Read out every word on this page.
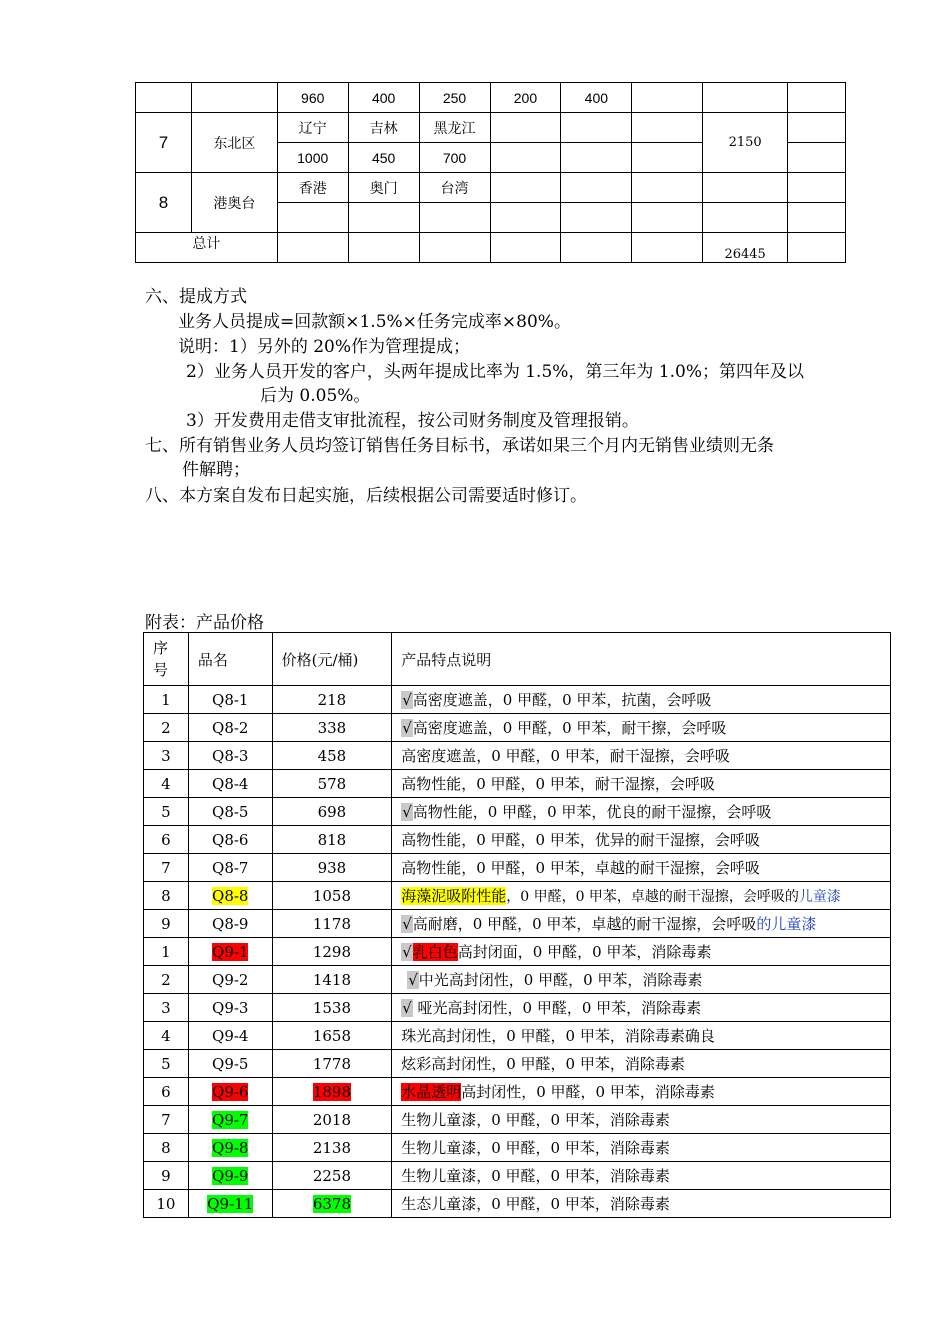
		960	400	250	200	400			
7	东北区	辽宁	吉林	黑龙江				2150	
		1000	450	700					
8	港奥台	香港	奥门	台湾					

总计								26445	
六、提成方式
业务人员提成=回款额×1.5%×任务完成率×80%。
说明：1）另外的 20%作为管理提成；
2）业务人员开发的客户，头两年提成比率为 1.5%，第三年为 1.0%；第四年及以
后为 0.05%。
3）开发费用走借支审批流程，按公司财务制度及管理报销。
七、所有销售业务人员均签订销售任务目标书，承诺如果三个月内无销售业绩则无条
件解聘；
八、本方案自发布日起实施，后续根据公司需要适时修订。
附表：产品价格
序
号	品名	价格(元/桶)	产品特点说明
1	Q8-1	218	√高密度遮盖，0 甲醛，0 甲苯，抗菌，会呼吸
2	Q8-2	338	√高密度遮盖，0 甲醛，0 甲苯，耐干擦，会呼吸
3	Q8-3	458	高密度遮盖，0 甲醛，0 甲苯，耐干湿擦，会呼吸
4	Q8-4	578	高物性能，0 甲醛，0 甲苯，耐干湿擦，会呼吸
5	Q8-5	698	√高物性能，0 甲醛，0 甲苯，优良的耐干湿擦，会呼吸
6	Q8-6	818	高物性能，0 甲醛，0 甲苯，优异的耐干湿擦，会呼吸
7	Q8-7	938	高物性能，0 甲醛，0 甲苯，卓越的耐干湿擦，会呼吸
8	Q8-8	1058	海藻泥吸附性能，0 甲醛，0 甲苯，卓越的耐干湿擦，会呼吸的儿童漆
9	Q8-9	1178	√高耐磨，0 甲醛，0 甲苯，卓越的耐干湿擦，会呼吸的儿童漆
1	Q9-1	1298	√乳白色高封闭面，0 甲醛，0 甲苯，消除毒素
2	Q9-2	1418	√中光高封闭性，0 甲醛，0 甲苯，消除毒素
3	Q9-3	1538	√ 哑光高封闭性，0 甲醛，0 甲苯，消除毒素
4	Q9-4	1658	珠光高封闭性，0 甲醛，0 甲苯，消除毒素确良
5	Q9-5	1778	炫彩高封闭性，0 甲醛，0 甲苯，消除毒素
6	Q9-6	1898	水晶透明高封闭性，0 甲醛，0 甲苯，消除毒素
7	Q9-7	2018	生物儿童漆，0 甲醛，0 甲苯，消除毒素
8	Q9-8	2138	生物儿童漆，0 甲醛，0 甲苯，消除毒素
9	Q9-9	2258	生物儿童漆，0 甲醛，0 甲苯，消除毒素
10	Q9-11	6378	生态儿童漆，0 甲醛，0 甲苯，消除毒素
